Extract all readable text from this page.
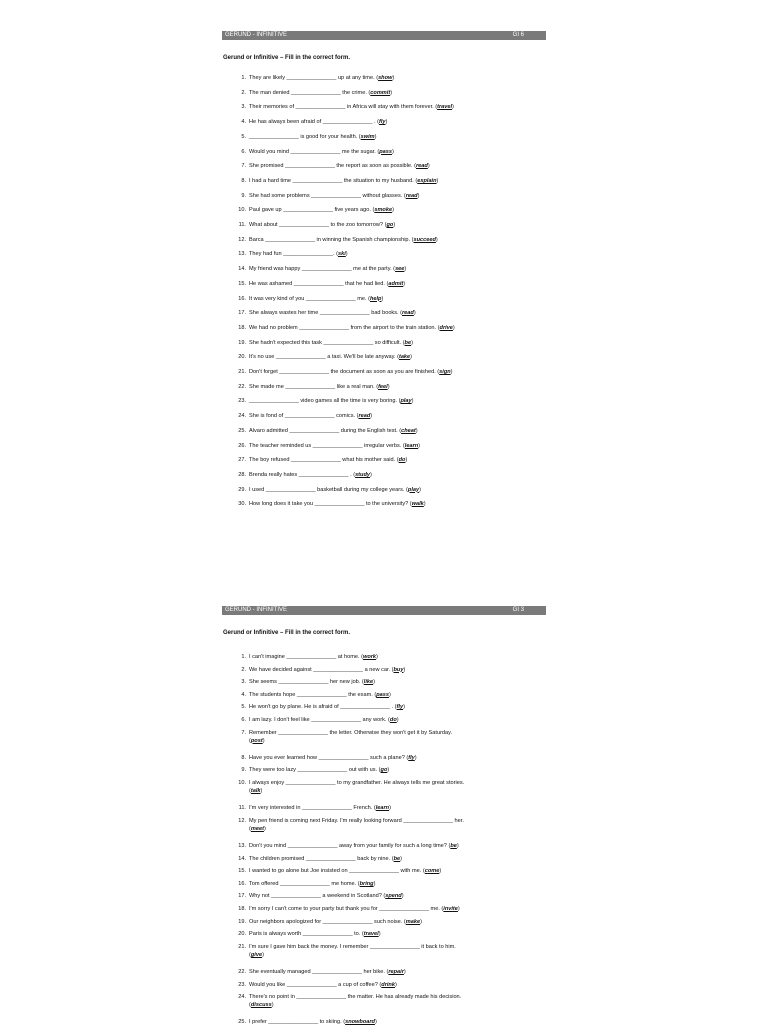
GERUND - INFINITIVE	GI 6
Gerund or Infinitive – Fill in the correct form.
1. They are likely ________________ up at any time. (show)
2. The man denied ________________ the crime. (commit)
3. Their memories of ________________ in Africa will stay with them forever. (travel)
4. He has always been afraid of ________________ . (fly)
5. ________________ is good for your health. (swim)
6. Would you mind ________________ me the sugar. (pass)
7. She promised ________________ the report as soon as possible. (read)
8. I had a hard time ________________ the situation to my husband. (explain)
9. She had some problems ________________ without glasses. (read)
10. Paul gave up ________________ five years ago. (smoke)
11. What about ________________ to the zoo tomorrow? (go)
12. Barca ________________ in winning the Spanish championship. (succeed)
13. They had fun ________________. (ski)
14. My friend was happy ________________ me at the party. (see)
15. He was ashamed ________________ that he had lied. (admit)
16. It was very kind of you ________________ me. (help)
17. She always wastes her time ________________ bad books. (read)
18. We had no problem ________________ from the airport to the train station. (drive)
19. She hadn't expected this task ________________ so difficult. (be)
20. It's no use ________________ a taxi. We'll be late anyway. (take)
21. Don't forget ________________ the document as soon as you are finished. (sign)
22. She made me ________________ like a real man. (feel)
23. ________________ video games all the time is very boring. (play)
24. She is fond of ________________ comics. (read)
25. Alvaro admitted ________________ during the English test. (cheat)
26. The teacher reminded us ________________ irregular verbs. (learn)
27. The boy refused ________________ what his mother said. (do)
28. Brenda really hates ________________ . (study)
29. I used ________________ basketball during my college years. (play)
30. How long does it take you ________________ to the university? (walk)
GERUND - INFINITIVE	GI 3
Gerund or Infinitive – Fill in the correct form.
1. I can't imagine ________________ at home. (work)
2. We have decided against ________________ a new car. (buy)
3. She seems ________________ her new job. (like)
4. The students hope ________________ the exam. (pass)
5. He won't go by plane. He is afraid of ________________ . (fly)
6. I am lazy. I don't feel like ________________ any work. (do)
7. Remember ________________ the letter. Otherwise they won't get it by Saturday.
(post)
8. Have you ever learned how ________________ such a plane? (fly)
9. They were too lazy ________________ out with us. (go)
10. I always enjoy ________________ to my grandfather. He always tells me great stories.
(talk)
11. I'm very interested in ________________ French. (learn)
12. My pen friend is coming next Friday. I'm really looking forward ________________ her.
(meet)
13. Don't you mind ________________ away from your family for such a long time? (be)
14. The children promised ________________ back by nine. (be)
15. I wanted to go alone but Joe insisted on ________________ with me. (come)
16. Tom offered ________________ me home. (bring)
17. Why not ________________ a weekend in Scotland? (spend)
18. I'm sorry I can't come to your party but thank you for ________________ me. (invite)
19. Our neighbors apologized for ________________ such noise. (make)
20. Paris is always worth ________________ to. (travel)
21. I'm sure I gave him back the money. I remember ________________ it back to him.
(give)
22. She eventually managed ________________ her bike. (repair)
23. Would you like ________________ a cup of coffee? (drink)
24. There's no point in ________________ the matter. He has already made his decision.
(discuss)
25. I prefer ________________ to skiing. (snowboard)
